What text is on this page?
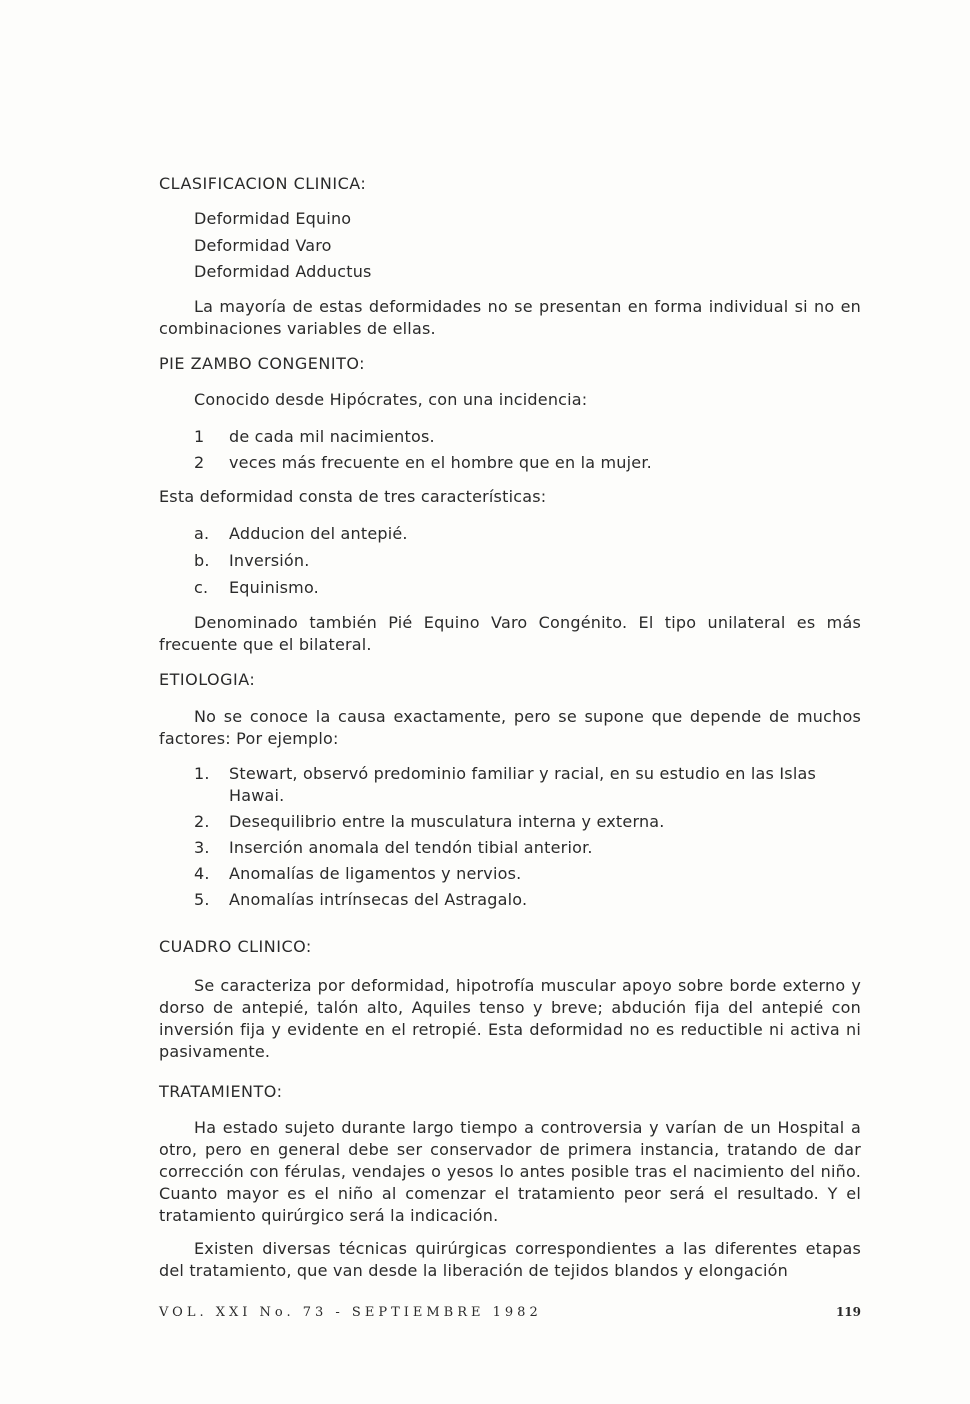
CLASIFICACION CLINICA:
Deformidad Equino
Deformidad Varo
Deformidad Adductus

La mayoría de estas deformidades no se presentan en forma individual si no en combinaciones variables de ellas.

PIE ZAMBO CONGENITO:

Conocido desde Hipócrates, con una incidencia:

1 de cada mil nacimientos.
2 veces más frecuente en el hombre que en la mujer.

Esta deformidad consta de tres características:

a. Adducion del antepié.
b. Inversión.
c. Equinismo.

Denominado también Pié Equino Varo Congénito. El tipo unilateral es más frecuente que el bilateral.

ETIOLOGIA:

No se conoce la causa exactamente, pero se supone que depende de muchos factores: Por ejemplo:

1. Stewart, observó predominio familiar y racial, en su estudio en las Islas Hawai.
2. Desequilibrio entre la musculatura interna y externa.
3. Inserción anomala del tendón tibial anterior.
4. Anomalías de ligamentos y nervios.
5. Anomalías intrínsecas del Astragalo.
CUADRO CLINICO:

Se caracteriza por deformidad, hipotrofía muscular apoyo sobre borde externo y dorso de antepié, talón alto, Aquiles tenso y breve; abdución fija del antepié con inversión fija y evidente en el retropié. Esta deformidad no es reductible ni activa ni pasivamente.

TRATAMIENTO:

Ha estado sujeto durante largo tiempo a controversia y varían de un Hospital a otro, pero en general debe ser conservador de primera instancia, tratando de dar corrección con férulas, vendajes o yesos lo antes posible tras el nacimiento del niño. Cuanto mayor es el niño al comenzar el tratamiento peor será el resultado. Y el tratamiento quirúrgico será la indicación.

Existen diversas técnicas quirúrgicas correspondientes a las diferentes etapas del tratamiento, que van desde la liberación de tejidos blandos y elongación

VOL. XXI No. 73 - SEPTIEMBRE 1982	119
